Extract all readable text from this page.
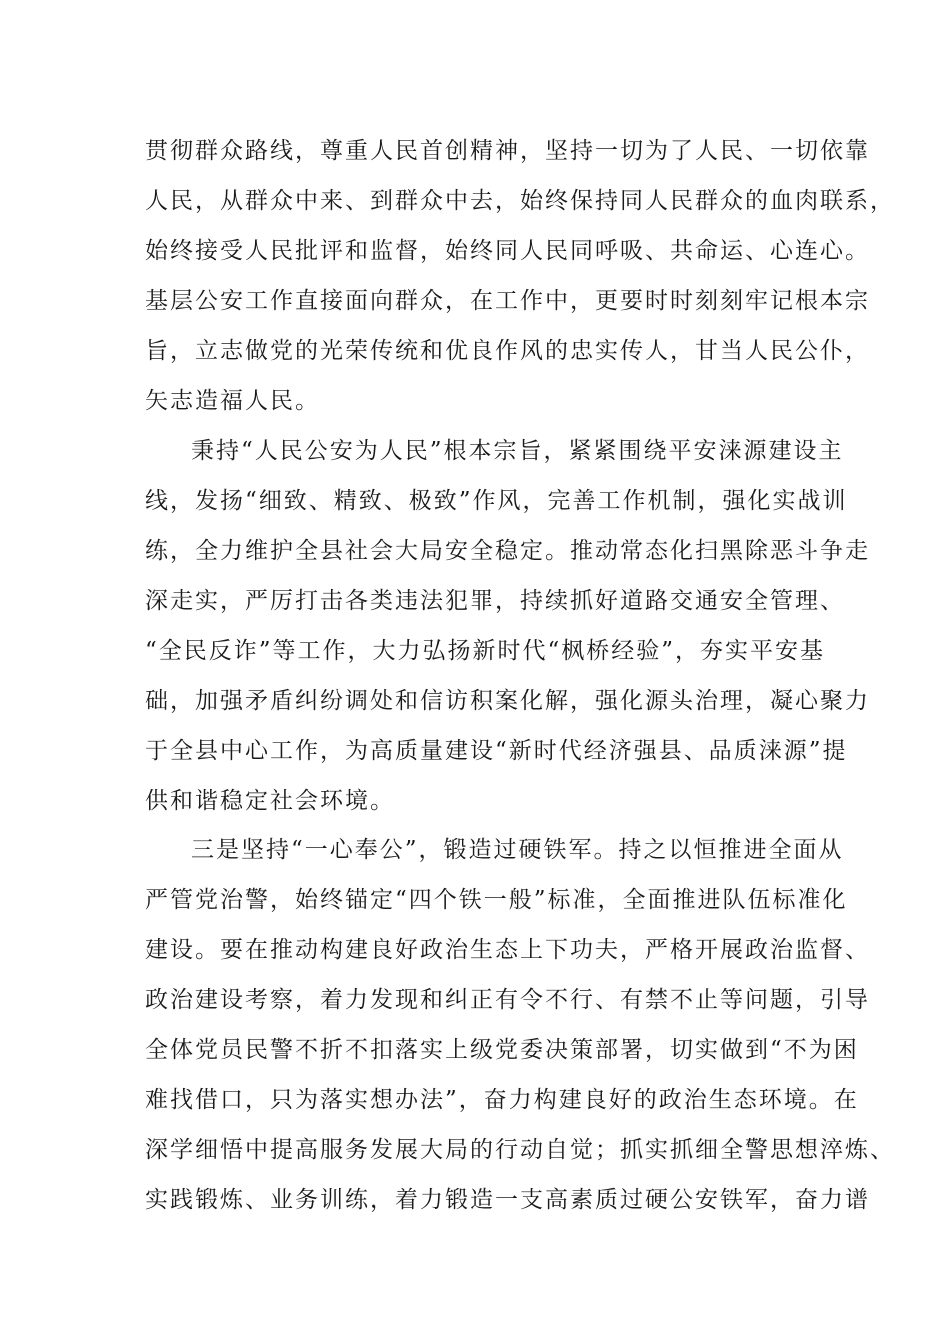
贯彻群众路线，尊重人民首创精神，坚持一切为了人民、一切依靠

人民，从群众中来、到群众中去，始终保持同人民群众的血肉联系，

始终接受人民批评和监督，始终同人民同呼吸、共命运、心连心。

基层公安工作直接面向群众，在工作中，更要时时刻刻牢记根本宗

旨，立志做党的光荣传统和优良作风的忠实传人，甘当人民公仆，

矢志造福人民。

秉持“人民公安为人民”根本宗旨，紧紧围绕平安涞源建设主

线，发扬“细致、精致、极致”作风，完善工作机制，强化实战训

练，全力维护全县社会大局安全稳定。推动常态化扫黑除恶斗争走

深走实，严厉打击各类违法犯罪，持续抓好道路交通安全管理、

“全民反诈”等工作，大力弘扬新时代“枫桥经验”，夯实平安基

础，加强矛盾纠纷调处和信访积案化解，强化源头治理，凝心聚力

于全县中心工作，为高质量建设“新时代经济强县、品质涞源”提

供和谐稳定社会环境。

三是坚持“一心奉公”，锻造过硬铁军。持之以恒推进全面从

严管党治警，始终锚定“四个铁一般”标准，全面推进队伍标准化

建设。要在推动构建良好政治生态上下功夫，严格开展政治监督、

政治建设考察，着力发现和纠正有令不行、有禁不止等问题，引导

全体党员民警不折不扣落实上级党委决策部署，切实做到“不为困

难找借口，只为落实想办法”，奋力构建良好的政治生态环境。在

深学细悟中提高服务发展大局的行动自觉；抓实抓细全警思想淬炼、

实践锻炼、业务训练，着力锻造一支高素质过硬公安铁军，奋力谱
